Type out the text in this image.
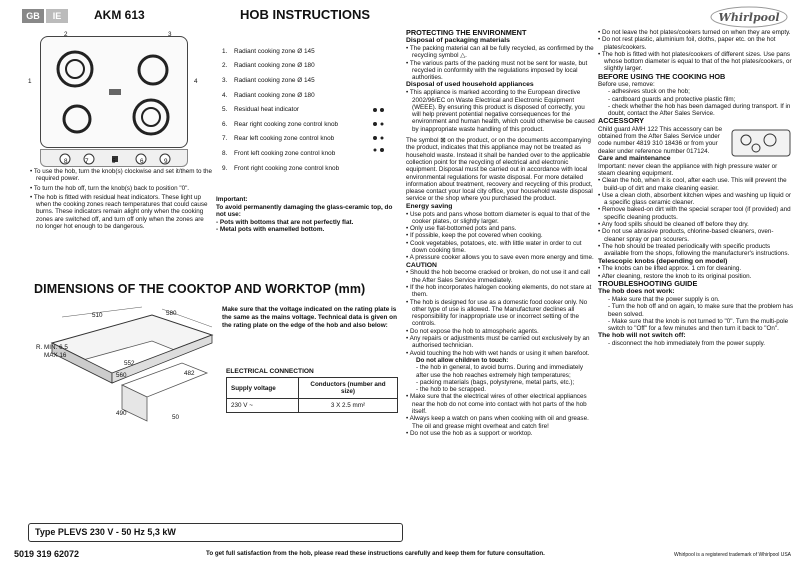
GB	IE	AKM 613	HOB INSTRUCTIONS	Whirlpool
2	3
1	4
8	7	5	6	9
1.	Radiant cooking zone Ø 145
2.	Radiant cooking zone Ø 180
3.	Radiant cooking zone Ø 145
4.	Radiant cooking zone Ø 180
5.	Residual heat indicator
6.	Rear right cooking zone control knob
7.	Rear left cooking zone control knob
8.	Front left cooking zone control knob
9.	Front right cooking zone control knob

• To use the hob, turn the knob(s) clockwise and set it/them to the required power.

• To turn the hob off, turn the knob(s) back to position "0".

• The hob is fitted with residual heat indicators. These light up when the cooking zones reach temperatures that could cause burns. These indicators remain alight only when the cooking zones are switched off, and turn off only when the zones are no longer hot enough to be dangerous.

Important:
To avoid permanently damaging the glass-ceramic top, do not use:
- Pots with bottoms that are not perfectly flat.
- Metal pots with enamelled bottom.
DIMENSIONS OF THE COOKTOP AND WORKTOP (mm)
510	580
R. MIN. 6.5
MAX 16
552
560	482
490
50
Make sure that the voltage indicated on the rating plate is the same as the mains voltage. Technical data is given on the rating plate on the edge of the hob and also below:
ELECTRICAL CONNECTION
Supply voltage	Conductors (number and size)
230 V ~	3 X 2.5 mm²
Type PLEVS 230 V - 50 Hz 5,3 kW
5019 319 62072	To get full satisfaction from the hob, please read these instructions carefully and keep them for future consultation.	Whirlpool is a registered trademark of Whirlpool USA
PROTECTING THE ENVIRONMENT
Disposal of packaging materials
• The packing material can all be fully recycled, as confirmed by the recycling symbol △.
• The various parts of the packing must not be sent for waste, but recycled in conformity with the regulations imposed by local authorities.
Disposal of used household appliances
• This appliance is marked according to the European directive 2002/96/EC on Waste Electrical and Electronic Equipment (WEEE). By ensuring this product is disposed of correctly, you will help prevent potential negative consequences for the environment and human health, which could otherwise be caused by inappropriate waste handling of this product.
The symbol ⊠ on the product, or on the documents accompanying the product, indicates that this appliance may not be treated as household waste. Instead it shall be handed over to the applicable collection point for the recycling of electrical and electronic equipment. Disposal must be carried out in accordance with local environmental regulations for waste disposal. For more detailed information about treatment, recovery and recycling of this product, please contact your local city office, your household waste disposal service or the shop where you purchased the product.
Energy saving
• Use pots and pans whose bottom diameter is equal to that of the cooker plates, or slightly larger.
• Only use flat-bottomed pots and pans.
• If possible, keep the pot covered when cooking.
• Cook vegetables, potatoes, etc. with little water in order to cut down cooking time.
• A pressure cooker allows you to save even more energy and time.
CAUTION
• Should the hob become cracked or broken, do not use it and call the After Sales Service immediately.
• If the hob incorporates halogen cooking elements, do not stare at them.
• The hob is designed for use as a domestic food cooker only. No other type of use is allowed. The Manufacturer declines all responsibility for inappropriate use or incorrect setting of the controls.
• Do not expose the hob to atmospheric agents.
• Any repairs or adjustments must be carried out exclusively by an authorised technician.
• Avoid touching the hob with wet hands or using it when barefoot.
Do not allow children to touch:
- the hob in general, to avoid burns. During and immediately after use the hob reaches extremely high temperatures;
- packing materials (bags, polystyrene, metal parts, etc.);
- the hob to be scrapped.
• Make sure that the electrical wires of other electrical appliances near the hob do not come into contact with hot parts of the hob itself.
• Always keep a watch on pans when cooking with oil and grease. The oil and grease might overheat and catch fire!
• Do not use the hob as a support or worktop.
• Do not leave the hot plates/cookers turned on when they are empty.
• Do not rest plastic, aluminium foil, cloths, paper etc. on the hot plates/cookers.
• The hob is fitted with hot plates/cookers of different sizes. Use pans whose bottom diameter is equal to that of the hot plates/cookers, or slightly larger.
BEFORE USING THE COOKING HOB
Before use, remove:
- adhesives stuck on the hob;
- cardboard guards and protective plastic film;
- check whether the hob has been damaged during transport. If in doubt, contact the After Sales Service.
ACCESSORY
Child guard AMH 122 This accessory can be obtained from the After Sales Service under code number 4819 310 18436 or from your dealer under reference number 017124.
Care and maintenance
Important: never clean the appliance with high pressure water or steam cleaning equipment.
• Clean the hob, when it is cool, after each use. This will prevent the build-up of dirt and make cleaning easier.
• Use a clean cloth, absorbent kitchen wipes and washing up liquid or a specific glass ceramic cleaner.
• Remove baked-on dirt with the special scraper tool (if provided) and specific cleaning products.
• Any food spills should be cleaned off before they dry.
• Do not use abrasive products, chlorine-based cleaners, oven-cleaner spray or pan scourers.
• The hob should be treated periodically with specific products available from the shops, following the manufacturer's instructions.
Telescopic knobs (depending on model)
• The knobs can be lifted approx. 1 cm for cleaning.
• After cleaning, restore the knob to its original position.
TROUBLESHOOTING GUIDE
The hob does not work:
- Make sure that the power supply is on.
- Turn the hob off and on again, to make sure that the problem has been solved.
- Make sure that the knob is not turned to "0". Turn the multi-pole switch to "Off" for a few minutes and then turn it back to "On".
The hob will not switch off:
- disconnect the hob immediately from the power supply.
